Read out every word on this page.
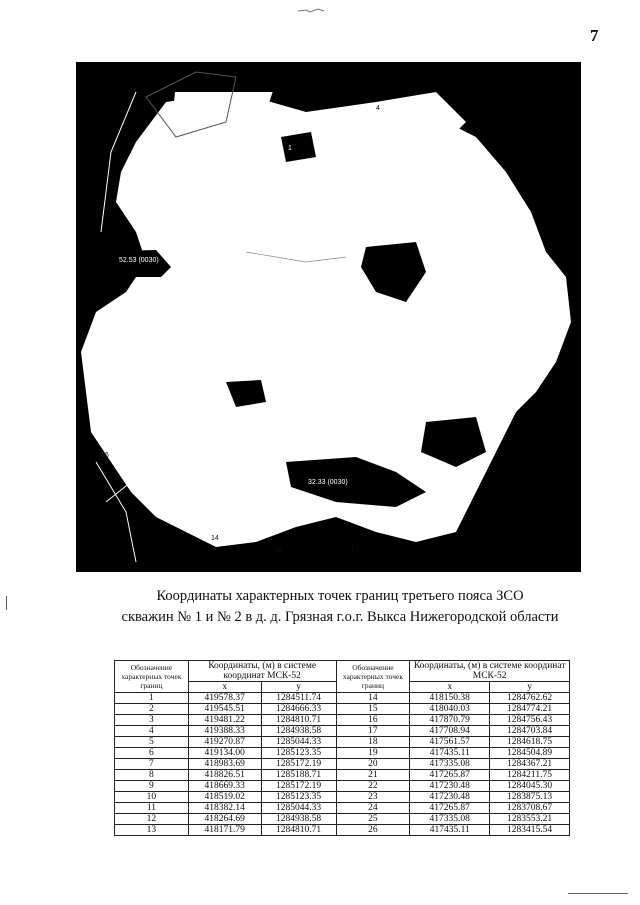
7
4
1
6
9
12
13
14
19
18
17
52.53 (0030)
32.33 (0030)
16
Координаты характерных точек границ третьего пояса ЗСО
скважин № 1 и № 2 в д. д. Грязная г.о.г. Выкса Нижегородской области
Обозначение характерных точек границ	Координаты, (м) в системе координат МСК-52		Обозначение характерных точек границ	Координаты, (м) в системе координат МСК-52	
	x	y		x	y
1	419578.37	1284511.74	14	418150.38	1284762.62
2	419545.51	1284666.33	15	418040.03	1284774.21
3	419481.22	1284810.71	16	417870.79	1284756.43
4	419388.33	1284938.58	17	417708.94	1284703.84
5	419270.87	1285044.33	18	417561.57	1284618.75
6	419134.00	1285123.35	19	417435.11	1284504.89
7	418983.69	1285172.19	20	417335.08	1284367.21
8	418826.51	1285188.71	21	417265.87	1284211.75
9	418669.33	1285172.19	22	417230.48	1284045.30
10	418519.02	1285123.35	23	417230.48	1283875.13
11	418382.14	1285044.33	24	417265.87	1283708.67
12	418264.69	1284938.58	25	417335.08	1283553.21
13	418171.79	1284810.71	26	417435.11	1283415.54
